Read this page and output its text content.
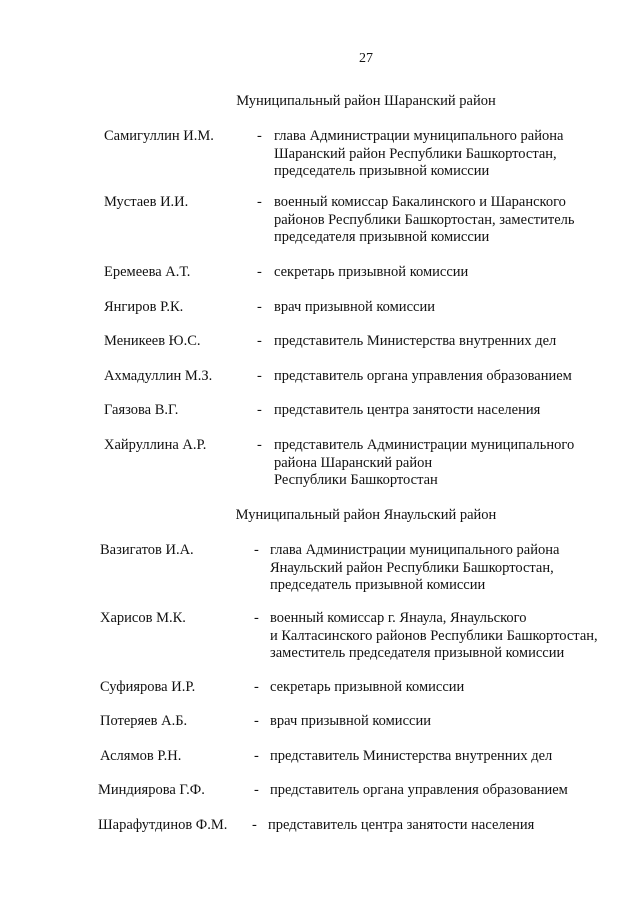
27
Муниципальный район Шаранский район
Самигуллин И.М.	- глава Администрации муниципального района
Шаранский район Республики Башкортостан,
председатель призывной комиссии
Мустаев И.И.	- военный комиссар Бакалинского и Шаранского
районов Республики Башкортостан, заместитель
председателя призывной комиссии
Еремеева А.Т.	- секретарь призывной комиссии
Янгиров Р.К.	- врач призывной комиссии
Меникеев Ю.С.	- представитель Министерства внутренних дел
Ахмадуллин М.З.	- представитель органа управления образованием
Гаязова В.Г.	- представитель центра занятости населения
Хайруллина А.Р.	- представитель Администрации муниципального
района Шаранский район
Республики Башкортостан
Муниципальный район Янаульский район
Вазигатов И.А.	- глава Администрации муниципального района
Янаульский район Республики Башкортостан,
председатель призывной комиссии
Харисов М.К.	- военный комиссар г. Янаула, Янаульского
и Калтасинского районов Республики Башкортостан,
заместитель председателя призывной комиссии
Суфиярова И.Р.	- секретарь призывной комиссии
Потеряев А.Б.	- врач призывной комиссии
Аслямов Р.Н.	- представитель Министерства внутренних дел
Миндиярова Г.Ф.	- представитель органа управления образованием
Шарафутдинов Ф.М. - представитель центра занятости населения
